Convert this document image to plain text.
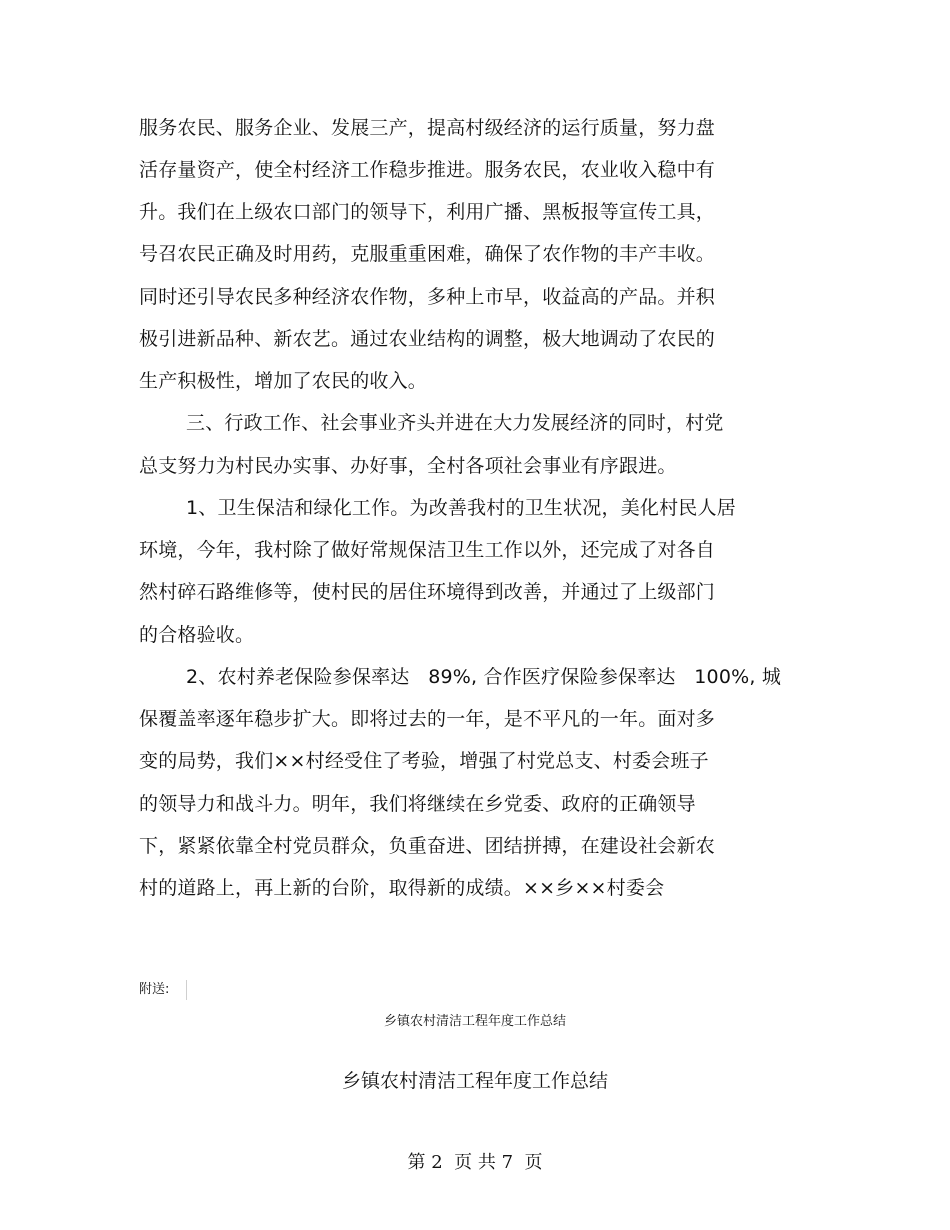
服务农民、服务企业、发展三产，提高村级经济的运行质量，努力盘
活存量资产，使全村经济工作稳步推进。服务农民，农业收入稳中有
升。我们在上级农口部门的领导下，利用广播、黑板报等宣传工具，
号召农民正确及时用药，克服重重困难，确保了农作物的丰产丰收。
同时还引导农民多种经济农作物，多种上市早，收益高的产品。并积
极引进新品种、新农艺。通过农业结构的调整，极大地调动了农民的
生产积极性，增加了农民的收入。
三、行政工作、社会事业齐头并进在大力发展经济的同时，村党
总支努力为村民办实事、办好事，全村各项社会事业有序跟进。
1、卫生保洁和绿化工作。为改善我村的卫生状况，美化村民人居
环境，今年，我村除了做好常规保洁卫生工作以外，还完成了对各自
然村碎石路维修等，使村民的居住环境得到改善，并通过了上级部门
的合格验收。
2、农村养老保险参保率达   89%, 合作医疗保险参保率达   100%, 城
保覆盖率逐年稳步扩大。即将过去的一年，是不平凡的一年。面对多
变的局势，我们××村经受住了考验，增强了村党总支、村委会班子
的领导力和战斗力。明年，我们将继续在乡党委、政府的正确领导
下，紧紧依靠全村党员群众，负重奋进、团结拼搏，在建设社会新农
村的道路上，再上新的台阶，取得新的成绩。××乡××村委会
附送:
乡镇农村清洁工程年度工作总结
乡镇农村清洁工程年度工作总结
第 2  页 共 7  页
